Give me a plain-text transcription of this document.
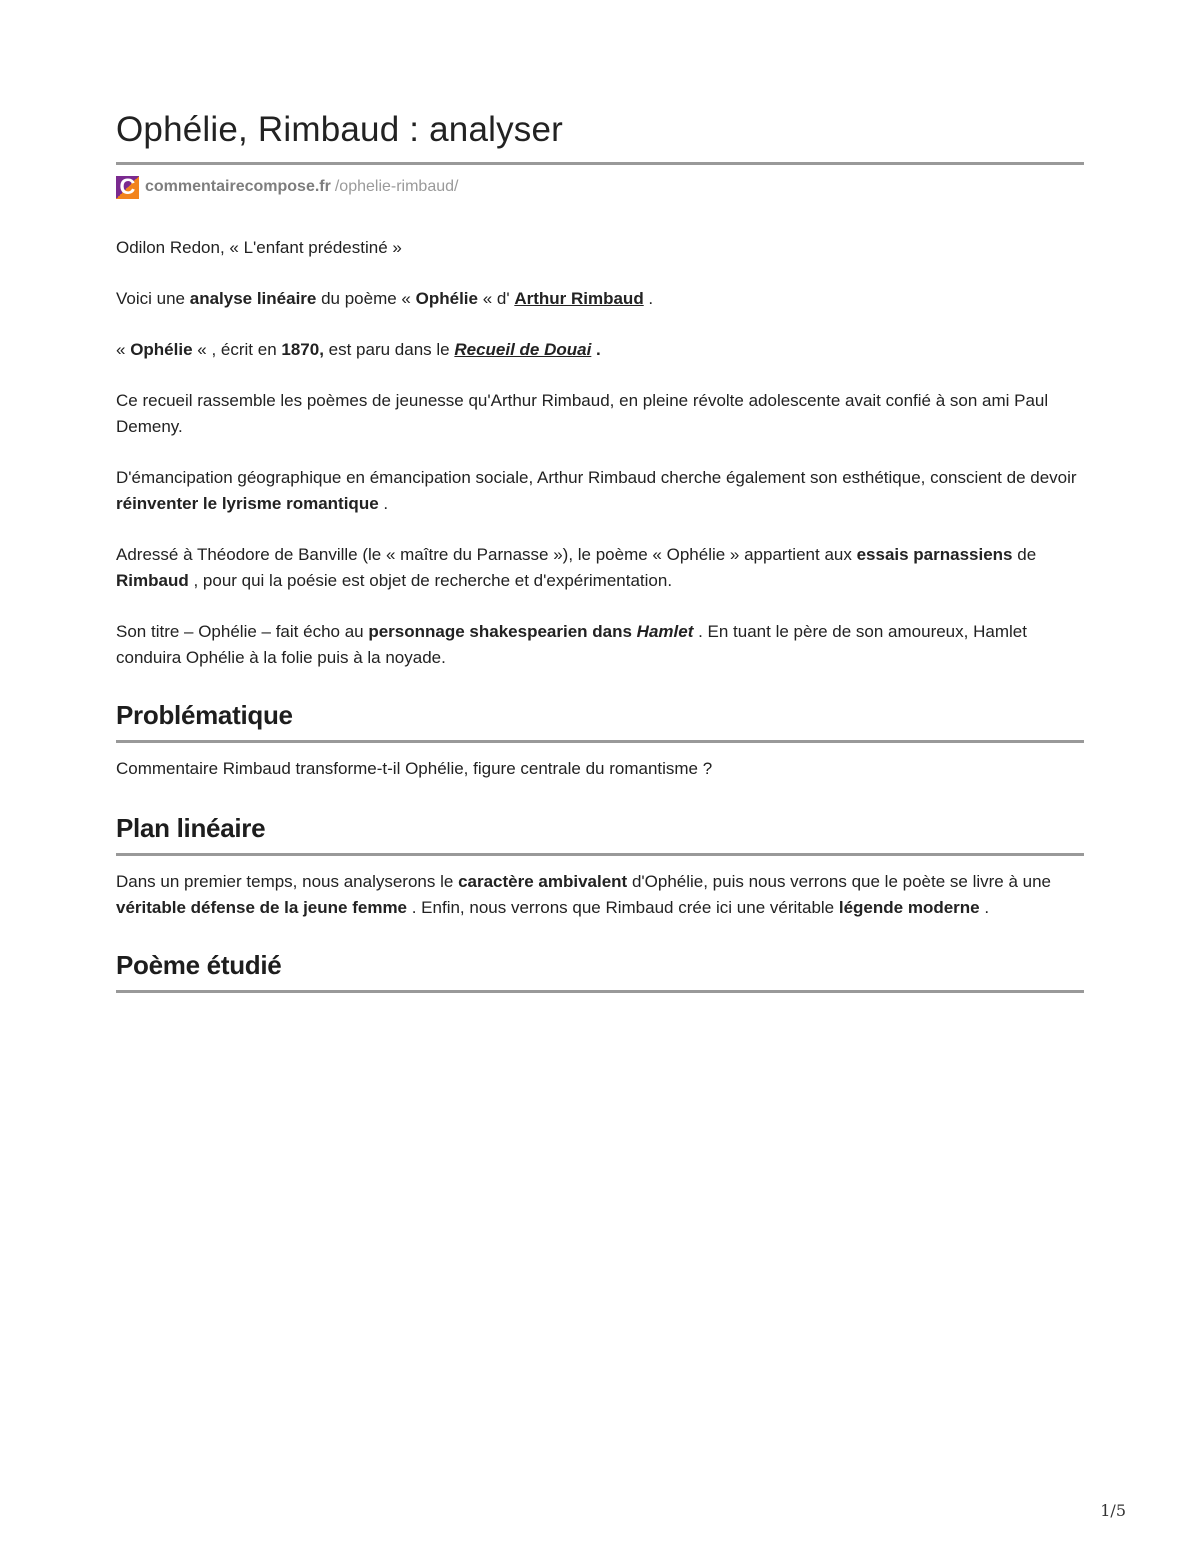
Ophélie, Rimbaud : analyser
C commentairecompose.fr /ophelie-rimbaud/

Odilon Redon, « L'enfant prédestiné »

Voici une analyse linéaire du poème « Ophélie « d' Arthur Rimbaud .

« Ophélie « , écrit en 1870, est paru dans le Recueil de Douai .

Ce recueil rassemble les poèmes de jeunesse qu'Arthur Rimbaud, en pleine révolte adolescente avait confié à son ami Paul Demeny.

D'émancipation géographique en émancipation sociale, Arthur Rimbaud cherche également son esthétique, conscient de devoir réinventer le lyrisme romantique .

Adressé à Théodore de Banville (le « maître du Parnasse »), le poème « Ophélie » appartient aux essais parnassiens de Rimbaud , pour qui la poésie est objet de recherche et d'expérimentation.

Son titre – Ophélie – fait écho au personnage shakespearien dans Hamlet . En tuant le père de son amoureux, Hamlet conduira Ophélie à la folie puis à la noyade.

Problématique

Commentaire Rimbaud transforme-t-il Ophélie, figure centrale du romantisme ?

Plan linéaire

Dans un premier temps, nous analyserons le caractère ambivalent d'Ophélie, puis nous verrons que le poète se livre à une véritable défense de la jeune femme . Enfin, nous verrons que Rimbaud crée ici une véritable légende moderne .

Poème étudié
1/5
